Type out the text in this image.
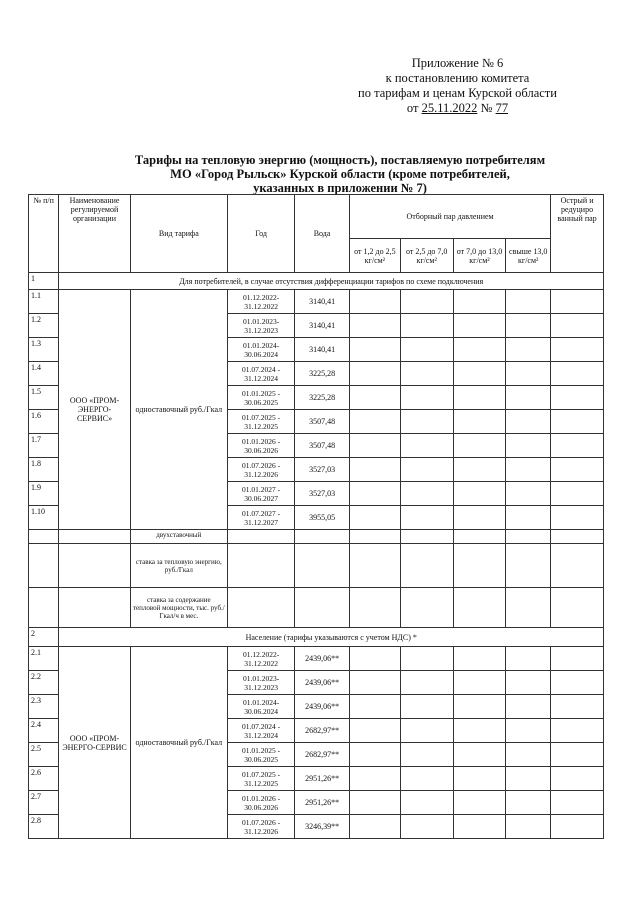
Приложение № 6
к постановлению комитета
по тарифам и ценам Курской области
от 25.11.2022 № 77
Тарифы на тепловую энергию (мощность), поставляемую потребителям
МО «Город Рыльск» Курской области (кроме потребителей,
указанных в приложении № 7)
№ п/п	Наименование регулируемой организации	Вид тарифа	Год	Вода	Отборный пар давлением				Острый и редуциро ванный пар
					от 1,2 до 2,5 кг/см²	от 2,5 до 7,0 кг/см²	от 7,0 до 13,0 кг/см²	свыше 13,0 кг/см²	
1	Для потребителей, в случае отсутствия дифференциации тарифов по схеме подключения								
1.1	ООО «ПРОМ-ЭНЕРГО-СЕРВИС»	одноставочный руб./Гкал	01.12.2022-31.12.2022	3140,41					
1.2			01.01.2023-31.12.2023	3140,41					
1.3			01.01.2024-30.06.2024	3140,41					
1.4			01.07.2024 - 31.12.2024	3225,28					
1.5			01.01.2025 - 30.06.2025	3225,28					
1.6			01.07.2025 - 31.12.2025	3507,48					
1.7			01.01.2026 - 30.06.2026	3507,48					
1.8			01.07.2026 - 31.12.2026	3527,03					
1.9			01.01.2027 - 30.06.2027	3527,03					
1.10			01.07.2027 - 31.12.2027	3955,05					
		двухставочный							
		ставка за тепловую энергию, руб./Гкал							
		ставка за содержание тепловой мощности, тыс. руб./Гкал/ч в мес.							
2	Население (тарифы указываются с учетом НДС) *								
2.1	ООО «ПРОМ-ЭНЕРГО-СЕРВИС	одноставочный руб./Гкал	01.12.2022-31.12.2022	2439,06**					
2.2			01.01.2023-31.12.2023	2439,06**					
2.3			01.01.2024-30.06.2024	2439,06**					
2.4			01.07.2024 - 31.12.2024	2682,97**					
2.5			01.01.2025 - 30.06.2025	2682,97**					
2.6			01.07.2025 - 31.12.2025	2951,26**					
2.7			01.01.2026 - 30.06.2026	2951,26**					
2.8			01.07.2026 - 31.12.2026	3246,39**					
